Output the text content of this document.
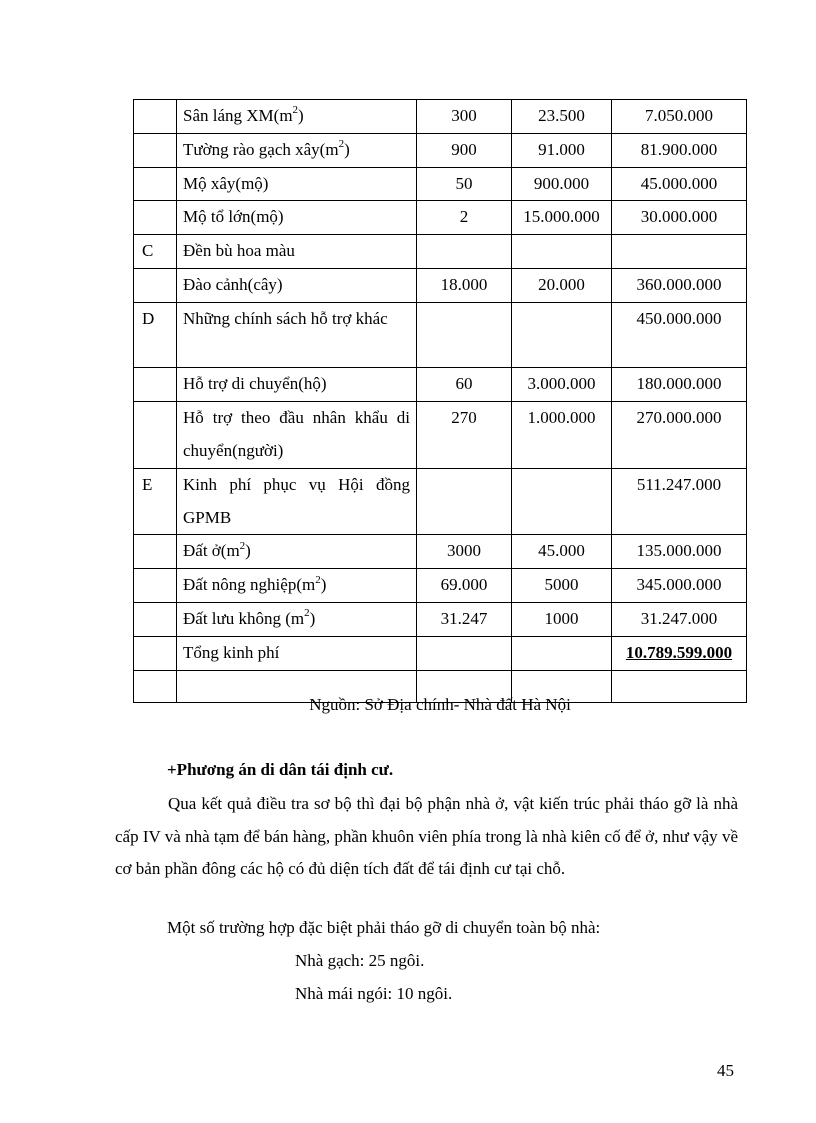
	Sân láng $XM(m^2)$	300	23.500	7.050.000
	Tường rào gạch $xây(m^2)$	900	91.000	81.900.000
	Mộ xây(mộ)	50	900.000	45.000.000
	Mộ tổ lớn(mộ)	2	15.000.000	30.000.000
C	Đền bù hoa màu			
	Đào cảnh(cây)	18.000	20.000	360.000.000
D	Những chính sách hỗ trợ khác			450.000.000
	Hỗ trợ di chuyển(hộ)	60	3.000.000	180.000.000
	Hỗ trợ theo đầu nhân khẩu di chuyển(người)	270	1.000.000	270.000.000
E	Kinh phí phục vụ Hội đồng GPMB			511.247.000
	Đất $ở(m^2)$	3000	45.000	135.000.000
	Đất nông $nghiệp(m^2)$	69.000	5000	345.000.000
	Đất lưu không $(m^2)$	31.247	1000	31.247.000
	Tổng kinh phí			10.789.599.000

Nguồn: Sở Địa chính- Nhà đất Hà Nội
+Phương án di dân tái định cư.
Qua kết quả điều tra sơ bộ thì đại bộ phận nhà ở, vật kiến trúc phải tháo gỡ là nhà cấp IV và nhà tạm để bán hàng, phần khuôn viên phía trong là nhà kiên cố để ở, như vậy về cơ bản phần đông các hộ có đủ diện tích đất để tái định cư tại chỗ.
Một số trường hợp đặc biệt phải tháo gỡ di chuyển toàn bộ nhà:
Nhà gạch: 25 ngôi.
Nhà mái ngói: 10 ngôi.
45
